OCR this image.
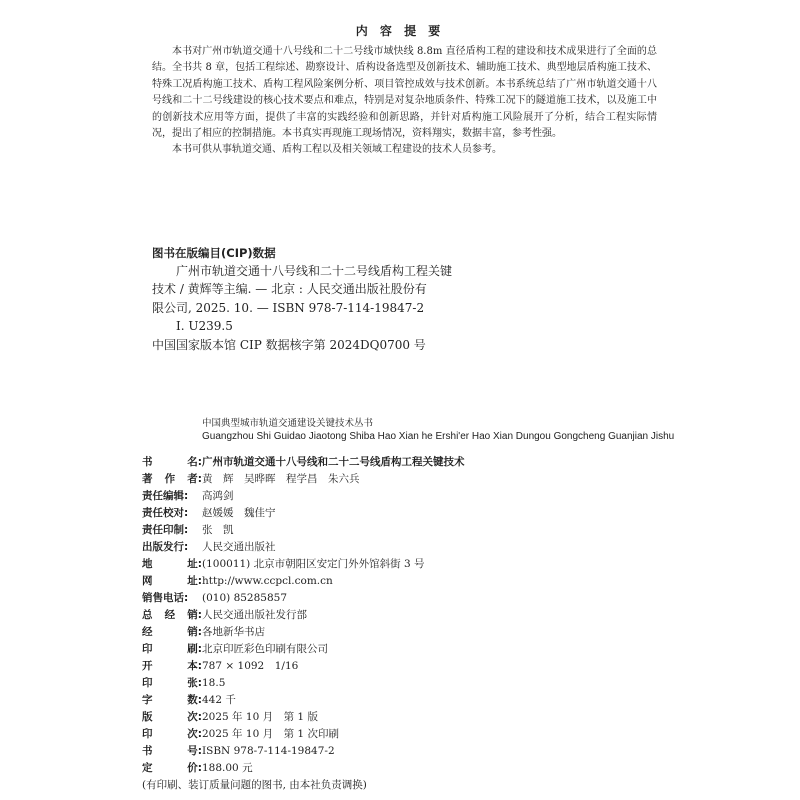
内 容 提 要

本书对广州市轨道交通十八号线和二十二号线市域快线 8.8m 直径盾构工程的建设和技术成果进行了全面的总结。全书共 8 章，包括工程综述、勘察设计、盾构设备选型及创新技术、辅助施工技术、典型地层盾构施工技术、特殊工况盾构施工技术、盾构工程风险案例分析、项目管控成效与技术创新。本书系统总结了广州市轨道交通十八号线和二十二号线建设的核心技术要点和难点，特别是对复杂地质条件、特殊工况下的隧道施工技术，以及施工中的创新技术应用等方面，提供了丰富的实践经验和创新思路，并针对盾构施工风险展开了分析，结合工程实际情况，提出了相应的控制措施。本书真实再现施工现场情况，资料翔实，数据丰富，参考性强。

本书可供从事轨道交通、盾构工程以及相关领域工程建设的技术人员参考。

图书在版编目(CIP)数据
广州市轨道交通十八号线和二十二号线盾构工程关键
技术 / 黄辉等主编. — 北京 : 人民交通出版社股份有
限公司, 2025. 10. — ISBN 978-7-114-19847-2
Ⅰ. U239.5
中国国家版本馆 CIP 数据核字第 2024DQ0700 号
中国典型城市轨道交通建设关键技术丛书
Guangzhou Shi Guidao Jiaotong Shiba Hao Xian he Ershi'er Hao Xian Dungou Gongcheng Guanjian Jishu
书	名: 广州市轨道交通十八号线和二十二号线盾构工程关键技术
著 作 者: 黄　辉　吴晔晖　程学昌　朱六兵
责任编辑: 高鸿剑
责任校对: 赵媛媛　魏佳宁
责任印制: 张　凯
出版发行: 人民交通出版社
地	址: (100011) 北京市朝阳区安定门外外馆斜街 3 号
网	址: http://www.ccpcl.com.cn
销售电话: (010) 85285857
总 经 销: 人民交通出版社发行部
经	销: 各地新华书店
印	刷: 北京印匠彩色印刷有限公司
开	本: 787 × 1092　1/16
印	张: 18.5
字	数: 442 千
版	次: 2025 年 10 月　第 1 版
印	次: 2025 年 10 月　第 1 次印刷
书	号: ISBN 978-7-114-19847-2
定	价: 188.00 元
(有印刷、装订质量问题的图书, 由本社负责调换)
